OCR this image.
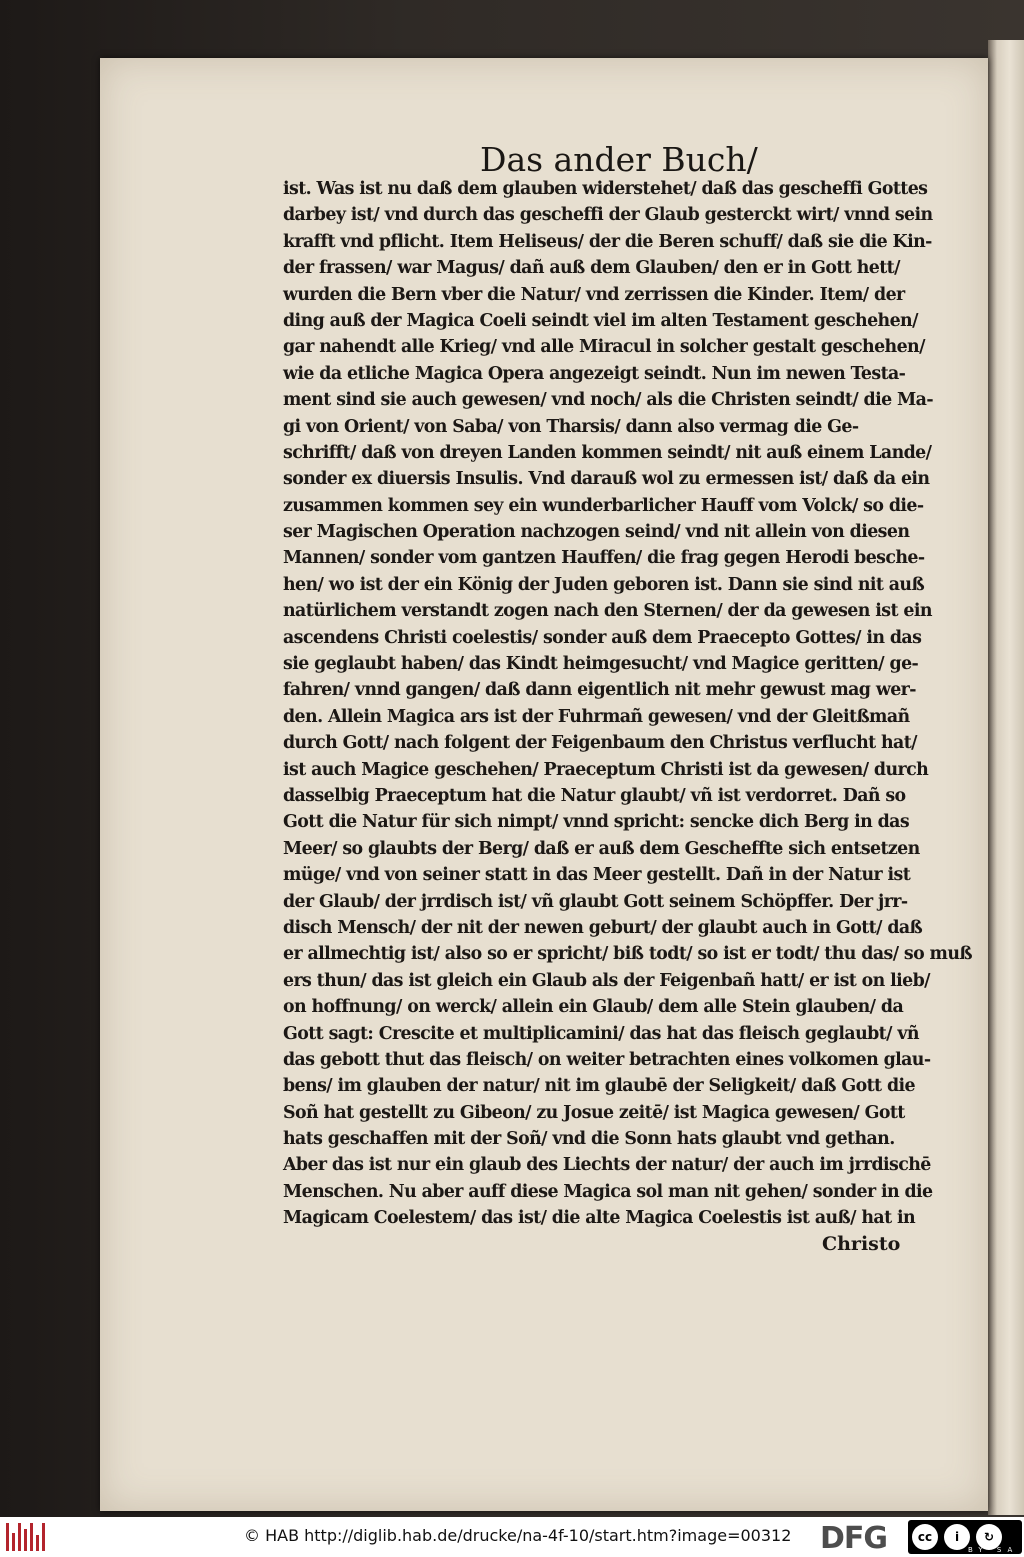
Das ander Buch/
ist. Was ist nu daß dem glauben widerstehet/ daß das gescheffi Gottes
darbey ist/ vnd durch das gescheffi der Glaub gesterckt wirt/ vnnd sein
krafft vnd pflicht. Item Heliseus/ der die Beren schuff/ daß sie die Kin-
der frassen/ war Magus/ dañ auß dem Glauben/ den er in Gott hett/
wurden die Bern vber die Natur/ vnd zerrissen die Kinder. Item/ der
ding auß der Magica Coeli seindt viel im alten Testament geschehen/
gar nahendt alle Krieg/ vnd alle Miracul in solcher gestalt geschehen/
wie da etliche Magica Opera angezeigt seindt. Nun im newen Testa-
ment sind sie auch gewesen/ vnd noch/ als die Christen seindt/ die Ma-
gi von Orient/ von Saba/ von Tharsis/ dann also vermag die Ge-
schrifft/ daß von dreyen Landen kommen seindt/ nit auß einem Lande/
sonder ex diuersis Insulis. Vnd darauß wol zu ermessen ist/ daß da ein
zusammen kommen sey ein wunderbarlicher Hauff vom Volck/ so die-
ser Magischen Operation nachzogen seind/ vnd nit allein von diesen
Mannen/ sonder vom gantzen Hauffen/ die frag gegen Herodi besche-
hen/ wo ist der ein König der Juden geboren ist. Dann sie sind nit auß
natürlichem verstandt zogen nach den Sternen/ der da gewesen ist ein
ascendens Christi coelestis/ sonder auß dem Praecepto Gottes/ in das
sie geglaubt haben/ das Kindt heimgesucht/ vnd Magice geritten/ ge-
fahren/ vnnd gangen/ daß dann eigentlich nit mehr gewust mag wer-
den. Allein Magica ars ist der Fuhrmañ gewesen/ vnd der Gleitßmañ
durch Gott/ nach folgent der Feigenbaum den Christus verflucht hat/
ist auch Magice geschehen/ Praeceptum Christi ist da gewesen/ durch
dasselbig Praeceptum hat die Natur glaubt/ vñ ist verdorret. Dañ so
Gott die Natur für sich nimpt/ vnnd spricht: sencke dich Berg in das
Meer/ so glaubts der Berg/ daß er auß dem Gescheffte sich entsetzen
müge/ vnd von seiner statt in das Meer gestellt. Dañ in der Natur ist
der Glaub/ der jrrdisch ist/ vñ glaubt Gott seinem Schöpffer. Der jrr-
disch Mensch/ der nit der newen geburt/ der glaubt auch in Gott/ daß
er allmechtig ist/ also so er spricht/ biß todt/ so ist er todt/ thu das/ so muß
ers thun/ das ist gleich ein Glaub als der Feigenbañ hatt/ er ist on lieb/
on hoffnung/ on werck/ allein ein Glaub/ dem alle Stein glauben/ da
Gott sagt: Crescite et multiplicamini/ das hat das fleisch geglaubt/ vñ
das gebott thut das fleisch/ on weiter betrachten eines volkomen glau-
bens/ im glauben der natur/ nit im glaubē der Seligkeit/ daß Gott die
Soñ hat gestellt zu Gibeon/ zu Josue zeitē/ ist Magica gewesen/ Gott
hats geschaffen mit der Soñ/ vnd die Sonn hats glaubt vnd gethan.
Aber das ist nur ein glaub des Liechts der natur/ der auch im jrrdischē
Menschen. Nu aber auff diese Magica sol man nit gehen/ sonder in die
Magicam Coelestem/ das ist/ die alte Magica Coelestis ist auß/ hat in
Christo
© HAB http://diglib.hab.de/drucke/na-4f-10/start.htm?image=00312 DFG	cc	i	↻
BY SA
